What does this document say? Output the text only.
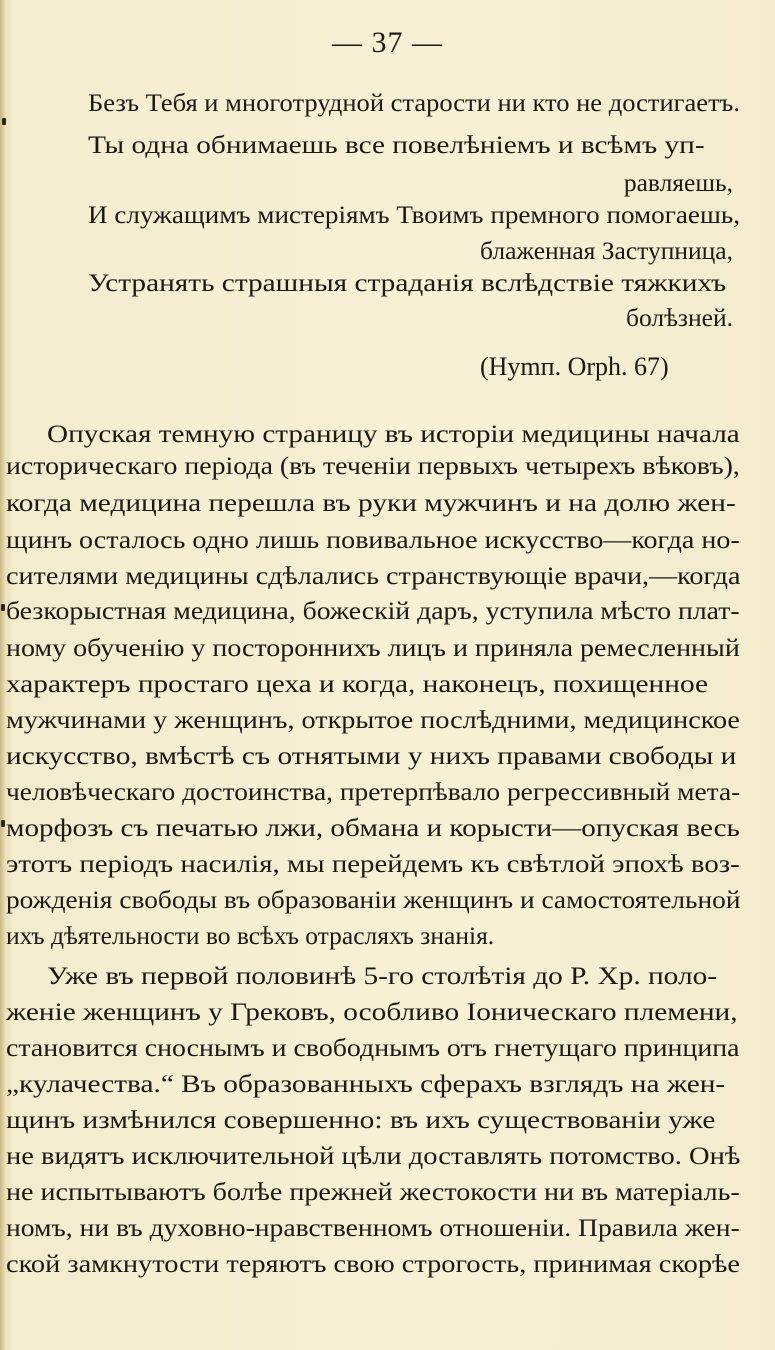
— 37 —
Безъ Тебя и многотрудной старости ни кто не достигаетъ.
Ты одна обнимаешь все повелѣніемъ и всѣмъ уп-
равляешь,
И служащимъ мистеріямъ Твоимъ премного помогаешь,
блаженная Заступница,
Устранять страшныя страданія вслѣдствіе тяжкихъ
болѣзней.
(Нymп. Orph. 67)
Опуская темную страницу въ исторіи медицины начала
историческаго періода (въ теченіи первыхъ четырехъ вѣковъ),
когда медицина перешла въ руки мужчинъ и на долю жен-
щинъ осталось одно лишь повивальное искусство—когда но-
сителями медицины сдѣлались странствующіе врачи,—когда
безкорыстная медицина, божескій даръ, уступила мѣсто плат-
ному обученію у постороннихъ лицъ и приняла ремесленный
характеръ простаго цеха и когда, наконецъ, похищенное
мужчинами у женщинъ, открытое послѣдними, медицинское
искусство, вмѣстѣ съ отнятыми у нихъ правами свободы и
человѣческаго достоинства, претерпѣвало регрессивный мета-
морфозъ съ печатью лжи, обмана и корысти—опуская весь
этотъ періодъ насилія, мы перейдемъ къ свѣтлой эпохѣ воз-
рожденія свободы въ образованіи женщинъ и самостоятельной
ихъ дѣятельности во всѣхъ отрасляхъ знанія.
Уже въ первой половинѣ 5-го столѣтія до Р. Хр. поло-
женіе женщинъ у Грековъ, особливо Іоническаго племени,
становится сноснымъ и свободнымъ отъ гнетущаго принципа
„кулачества.“ Въ образованныхъ сферахъ взглядъ на жен-
щинъ измѣнился совершенно: въ ихъ существованіи уже
не видятъ исключительной цѣли доставлять потомство. Онѣ
не испытываютъ болѣе прежней жестокости ни въ матеріаль-
номъ, ни въ духовно-нравственномъ отношеніи. Правила жен-
ской замкнутости теряютъ свою строгость, принимая скорѣе
